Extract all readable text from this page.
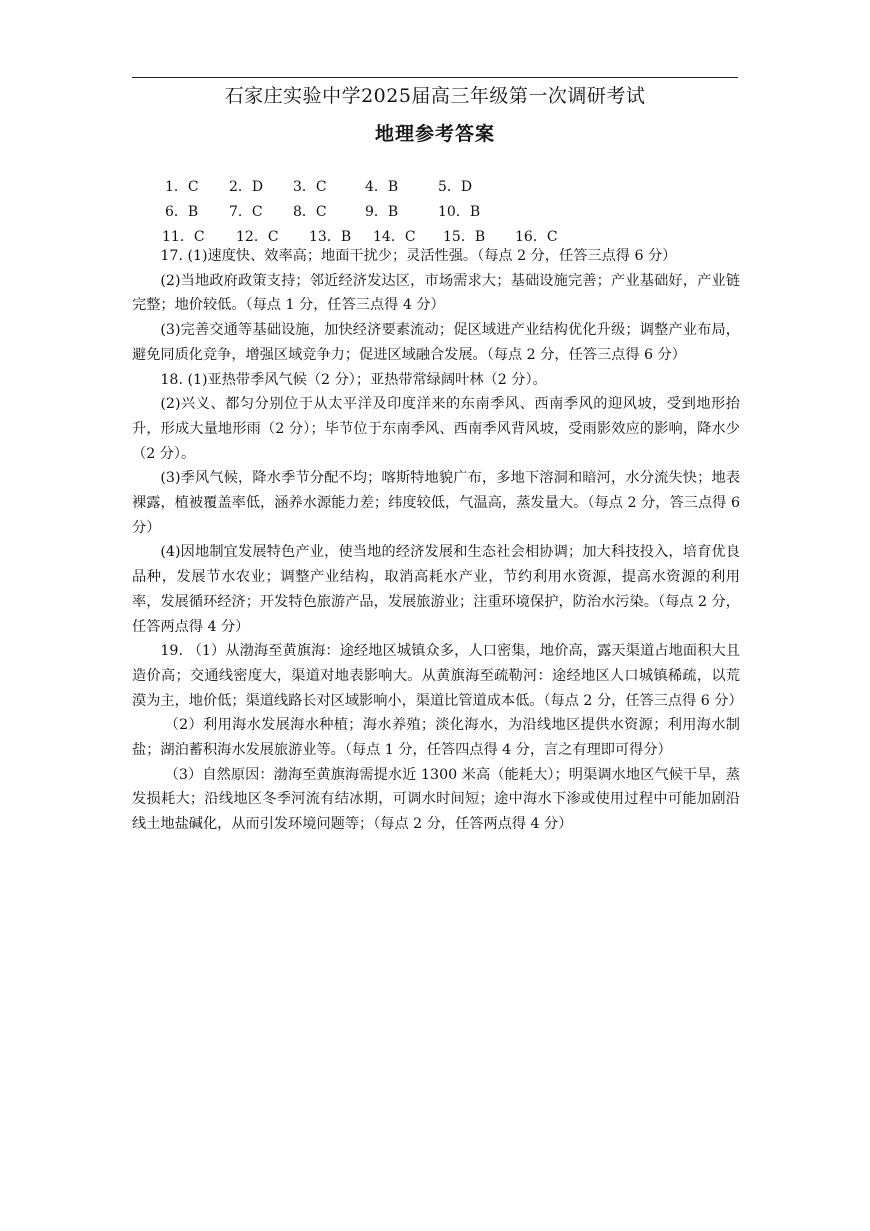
石家庄实验中学2025届高三年级第一次调研考试
地理参考答案
1．C 2．D 3．C	4．B	5．D
6．B 7．C 8．C	9．B	10．B
11．C 12．C 13．B 14．C 15．B 16．C

17. (1)速度快、效率高；地面干扰少；灵活性强。（每点 2 分，任答三点得 6 分）

(2)当地政府政策支持；邻近经济发达区，市场需求大；基础设施完善；产业基础好，产业链完整；地价较低。（每点 1 分，任答三点得 4 分）

(3)完善交通等基础设施，加快经济要素流动；促区域进产业结构优化升级；调整产业布局，避免同质化竞争，增强区域竞争力；促进区域融合发展。（每点 2 分，任答三点得 6 分）

18. (1)亚热带季风气候（2 分）；亚热带常绿阔叶林（2 分）。

(2)兴义、都匀分别位于从太平洋及印度洋来的东南季风、西南季风的迎风坡，受到地形抬升，形成大量地形雨（2 分）；毕节位于东南季风、西南季风背风坡，受雨影效应的影响，降水少（2 分）。

(3)季风气候，降水季节分配不均；喀斯特地貌广布，多地下溶洞和暗河，水分流失快；地表裸露，植被覆盖率低，涵养水源能力差；纬度较低，气温高，蒸发量大。（每点 2 分，答三点得 6 分）

(4)因地制宜发展特色产业，使当地的经济发展和生态社会相协调；加大科技投入，培育优良品种，发展节水农业；调整产业结构，取消高耗水产业，节约利用水资源，提高水资源的利用率，发展循环经济；开发特色旅游产品，发展旅游业；注重环境保护，防治水污染。（每点 2 分，任答两点得 4 分）

19. （1）从渤海至黄旗海：途经地区城镇众多，人口密集，地价高，露天渠道占地面积大且造价高；交通线密度大，渠道对地表影响大。从黄旗海至疏勒河：途经地区人口城镇稀疏，以荒漠为主，地价低；渠道线路长对区域影响小，渠道比管道成本低。（每点 2 分，任答三点得 6 分）

（2）利用海水发展海水种植；海水养殖；淡化海水，为沿线地区提供水资源；利用海水制盐；湖泊蓄积海水发展旅游业等。（每点 1 分，任答四点得 4 分，言之有理即可得分）

（3）自然原因：渤海至黄旗海需提水近 1300 米高（能耗大）；明渠调水地区气候干旱，蒸发损耗大；沿线地区冬季河流有结冰期，可调水时间短；途中海水下渗或使用过程中可能加剧沿线土地盐碱化，从而引发环境问题等；（每点 2 分，任答两点得 4 分）
